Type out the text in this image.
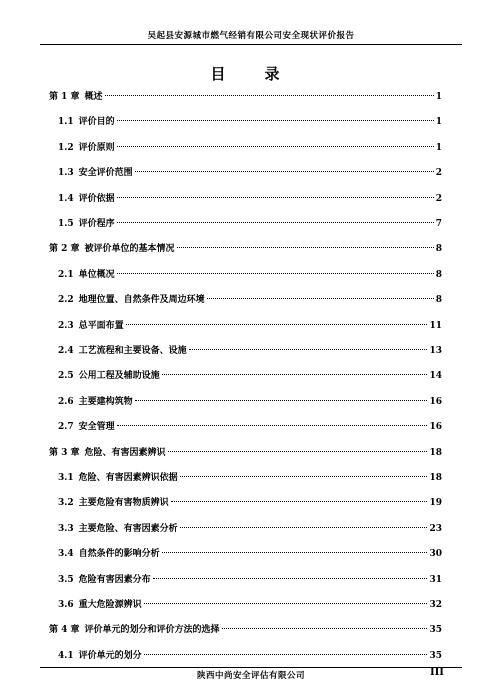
吴起县安源城市燃气经销有限公司安全现状评价报告
目　录
第 1 章 概述	1
1.1 评价目的	1
1.2 评价原则	1
1.3 安全评价范围	2
1.4 评价依据	2
1.5 评价程序	7
第 2 章 被评价单位的基本情况	8
2.1 单位概况	8
2.2 地理位置、自然条件及周边环境	8
2.3 总平面布置	11
2.4 工艺流程和主要设备、设施	13
2.5 公用工程及辅助设施	14
2.6 主要建构筑物	16
2.7 安全管理	16
第 3 章 危险、有害因素辨识	18
3.1 危险、有害因素辨识依据	18
3.2 主要危险有害物质辨识	19
3.3 主要危险、有害因素分析	23
3.4 自然条件的影响分析	30
3.5 危险有害因素分布	31
3.6 重大危险源辨识	32
第 4 章 评价单元的划分和评价方法的选择	35
4.1 评价单元的划分	35
陕西中尚安全评估有限公司	III
